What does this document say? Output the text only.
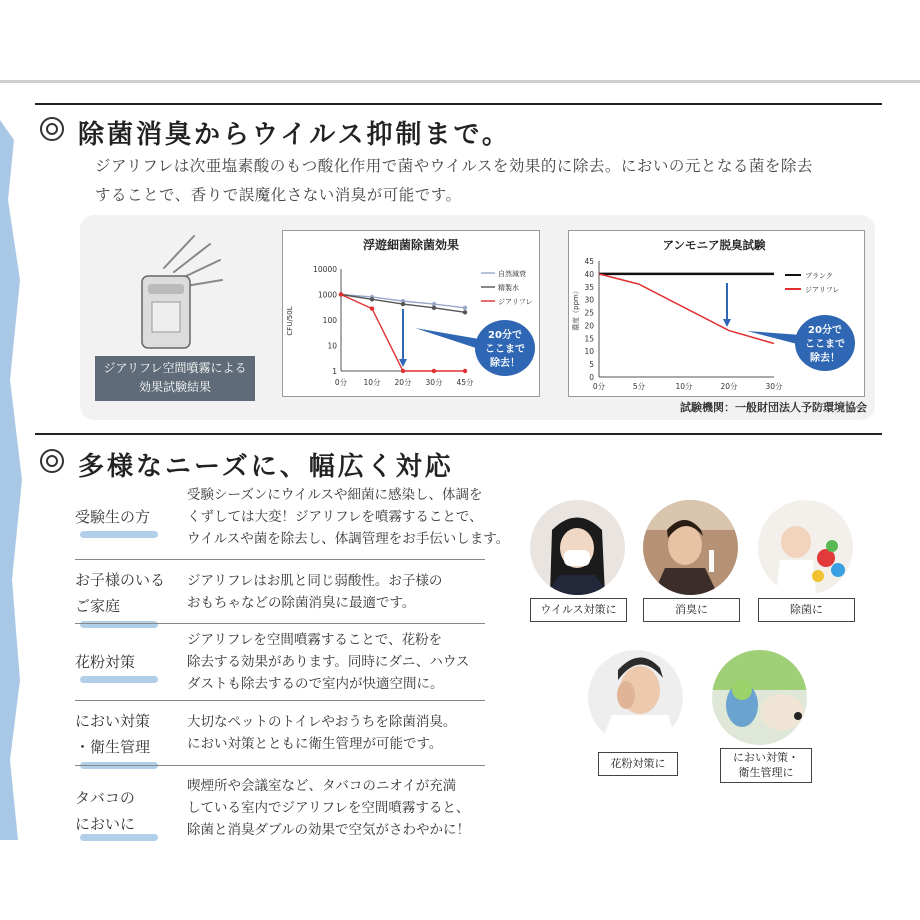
除菌消臭からウイルス抑制まで。
ジアリフレは次亜塩素酸のもつ酸化作用で菌やウイルスを効果的に除去。においの元となる菌を除去
することで、香りで誤魔化さない消臭が可能です。
ジアリフレ空間噴霧による
効果試験結果
浮遊細菌除菌効果
CFU/50L
10000
1000
100
10
1
0分 10分 20分 30分 45分
自然減衰
精製水
ジアリフレ
20分で
ここまで
除去！
アンモニア脱臭試験
濃度（ppm）
45
40
35
30
25
20
15
10
5
0
0分	5分	10分	20分	30分
ブランク
ジアリフレ
20分で
ここまで
除去！
試験機関：一般財団法人予防環境協会
多様なニーズに、幅広く対応
受験生の方
受験シーズンにウイルスや細菌に感染し、体調を
くずしては大変！ジアリフレを噴霧することで、
ウイルスや菌を除去し、体調管理をお手伝いします。
お子様のいる
ご家庭
ジアリフレはお肌と同じ弱酸性。お子様の
おもちゃなどの除菌消臭に最適です。
花粉対策
ジアリフレを空間噴霧することで、花粉を
除去する効果があります。同時にダニ、ハウス
ダストも除去するので室内が快適空間に。
におい対策
・衛生管理
大切なペットのトイレやおうちを除菌消臭。
におい対策とともに衛生管理が可能です。
タバコの
においに
喫煙所や会議室など、タバコのニオイが充満
している室内でジアリフレを空間噴霧すると、
除菌と消臭ダブルの効果で空気がさわやかに！
ウイルス対策に	消臭に	除菌に
花粉対策に	におい対策・
衛生管理に
